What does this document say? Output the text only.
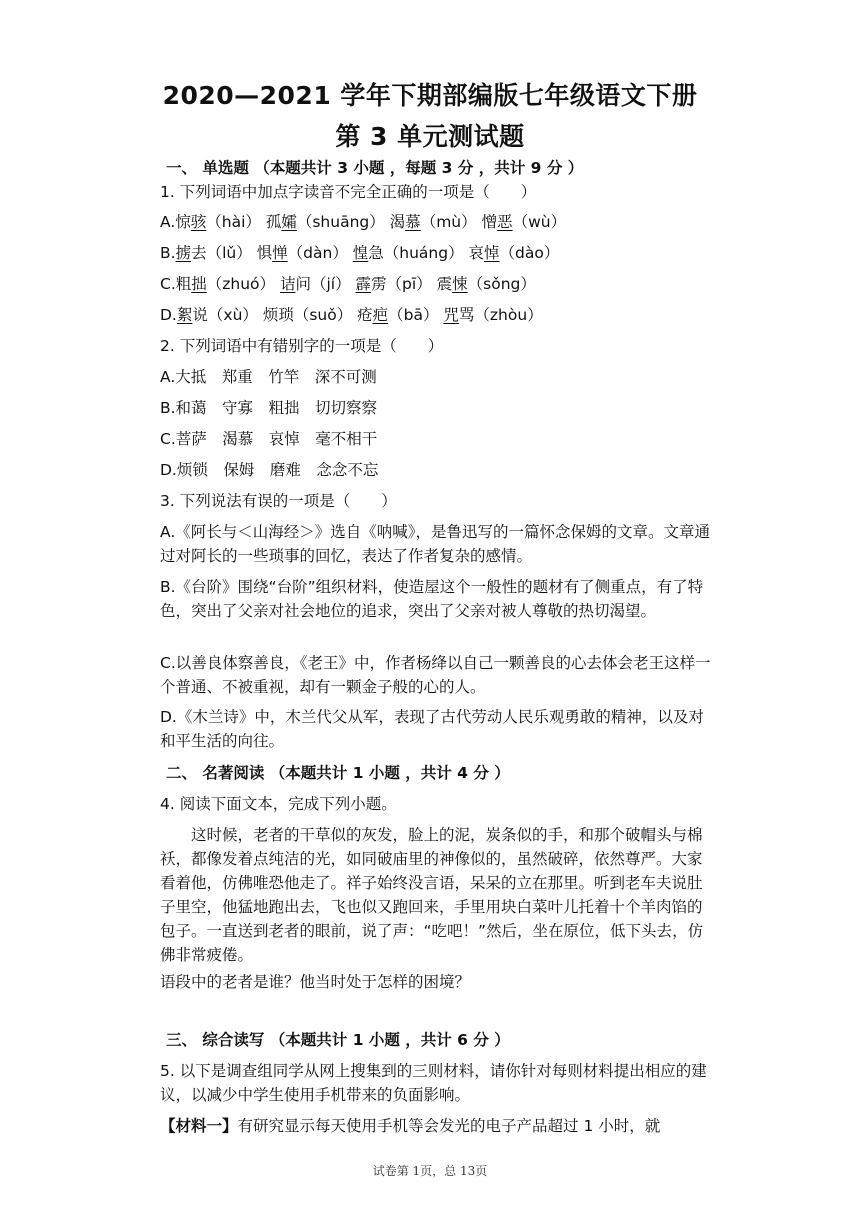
2020—2021 学年下期部编版七年级语文下册
第 3 单元测试题

一、 单选题 （本题共计 3 小题 ，每题 3 分 ，共计 9 分 ）

1. 下列词语中加点字读音不完全正确的一项是（　　）

A.惊骇（hài） 孤孀（shuāng） 渴慕（mù） 憎恶（wù）

B.掳去（lǔ） 惧惮（dàn） 惶急（huáng） 哀悼（dào）

C.粗拙（zhuó） 诘问（jí） 霹雳（pī） 震悚（sǒng）

D.絮说（xù） 烦琐（suǒ） 疮疤（bā） 咒骂（zhòu）

2. 下列词语中有错别字的一项是（　　）

A.大抵　郑重　竹竿　深不可测

B.和蔼　守寡　粗拙　切切察察

C.菩萨　渴慕　哀悼　毫不相干

D.烦锁　保姆　磨难　念念不忘

3. 下列说法有误的一项是（　　）

A.《阿长与＜山海经＞》选自《呐喊》，是鲁迅写的一篇怀念保姆的文章。文章通过对阿长的一些琐事的回忆，表达了作者复杂的感情。

B.《台阶》围绕“台阶”组织材料，使造屋这个一般性的题材有了侧重点，有了特色，突出了父亲对社会地位的追求，突出了父亲对被人尊敬的热切渴望。

C.以善良体察善良，《老王》中，作者杨绛以自己一颗善良的心去体会老王这样一个普通、不被重视，却有一颗金子般的心的人。

D.《木兰诗》中，木兰代父从军，表现了古代劳动人民乐观勇敢的精神，以及对和平生活的向往。

二、 名著阅读 （本题共计 1 小题 ，共计 4 分 ）

4. 阅读下面文本，完成下列小题。

这时候，老者的干草似的灰发，脸上的泥，炭条似的手，和那个破帽头与棉袄，都像发着点纯洁的光，如同破庙里的神像似的，虽然破碎，依然尊严。大家看着他，仿佛唯恐他走了。祥子始终没言语，呆呆的立在那里。听到老车夫说肚子里空，他猛地跑出去，飞也似又跑回来，手里用块白菜叶儿托着十个羊肉馅的包子。一直送到老者的眼前，说了声：“吃吧！”然后，坐在原位，低下头去，仿佛非常疲倦。

语段中的老者是谁？他当时处于怎样的困境？

三、 综合读写 （本题共计 1 小题 ，共计 6 分 ）

5. 以下是调查组同学从网上搜集到的三则材料，请你针对每则材料提出相应的建议，以减少中学生使用手机带来的负面影响。

【材料一】有研究显示每天使用手机等会发光的电子产品超过 1 小时，就

试卷第 1页，总 13页
